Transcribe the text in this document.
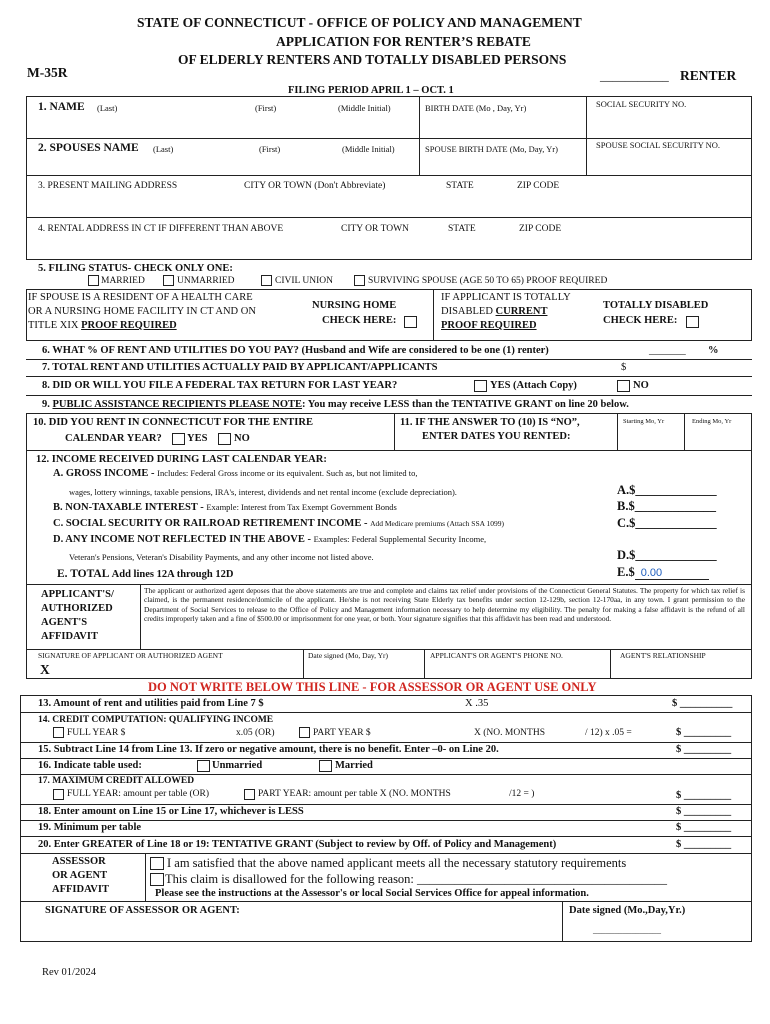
STATE OF CONNECTICUT - OFFICE OF POLICY AND MANAGEMENT
APPLICATION FOR RENTER’S REBATE
OF ELDERLY RENTERS AND TOTALLY DISABLED PERSONS
M-35R	___________ RENTER
FILING PERIOD APRIL 1 – OCT. 1
1. NAME (Last)	(First)	(Middle Initial)	BIRTH DATE (Mo , Day, Yr)	SOCIAL SECURITY NO.
2. SPOUSES NAME (Last)	(First)	(Middle Initial)	SPOUSE BIRTH DATE (Mo, Day, Yr)	SPOUSE SOCIAL SECURITY NO.
3. PRESENT MAILING ADDRESS	CITY OR TOWN (Don't Abbreviate)	STATE	ZIP CODE
4. RENTAL ADDRESS IN CT IF DIFFERENT THAN ABOVE	CITY OR TOWN	STATE	ZIP CODE
5. FILING STATUS- CHECK ONLY ONE:
MARRIED	UNMARRIED	CIVIL UNION	SURVIVING SPOUSE (AGE 50 TO 65) PROOF REQUIRED
IF SPOUSE IS A RESIDENT OF A HEALTH CARE
OR A NURSING HOME FACILITY IN CT AND ON
TITLE XIX PROOF REQUIRED
NURSING HOME
CHECK HERE:
IF APPLICANT IS TOTALLY
DISABLED CURRENT
PROOF REQUIRED
TOTALLY DISABLED
CHECK HERE:
6. WHAT % OF RENT AND UTILITIES DO YOU PAY? (Husband and Wife are considered to be one (1) renter)	_______ %
7. TOTAL RENT AND UTILITIES ACTUALLY PAID BY APPLICANT/APPLICANTS	$
8. DID OR WILL YOU FILE A FEDERAL TAX RETURN FOR LAST YEAR?	YES (Attach Copy)	NO
9. PUBLIC ASSISTANCE RECIPIENTS PLEASE NOTE: You may receive LESS than the TENTATIVE GRANT on line 20 below.
10. DID YOU RENT IN CONNECTICUT FOR THE ENTIRE
CALENDAR YEAR? YES	NO
11. IF THE ANSWER TO (10) IS “NO”,
ENTER DATES YOU RENTED:
Starting Mo, Yr	Ending Mo, Yr
12. INCOME RECEIVED DURING LAST CALENDAR YEAR:
A. GROSS INCOME - Includes: Federal Gross income or its equivalent. Such as, but not limited to,
wages, lottery winnings, taxable pensions, IRA's, interest, dividends and net rental income (exclude depreciation).	A.$_____________
B. NON-TAXABLE INTEREST - Example: Interest from Tax Exempt Government Bonds	B.$_____________
C. SOCIAL SECURITY OR RAILROAD RETIREMENT INCOME - Add Medicare premiums (Attach SSA 1099)	C.$_____________
D. ANY INCOME NOT REFLECTED IN THE ABOVE - Examples: Federal Supplemental Security Income,
Veteran's Pensions, Veteran's Disability Payments, and any other income not listed above.	D.$_____________
E. TOTAL Add lines 12A through 12D	E.$ 0.00
APPLICANT'S/
AUTHORIZED
AGENT'S
AFFIDAVIT
The applicant or authorized agent deposes that the above statements are true and complete and claims tax relief under provisions of the Connecticut General Statutes. The property for which tax relief is claimed, is the permanent residence/domicile of the applicant. He/she is not receiving State Elderly tax benefits under section 12-129b, section 12-170aa, in any town. I grant permission to the Department of Social Services to release to the Office of Policy and Management information necessary to help determine my eligibility. The penalty for making a false affidavit is the refund of all credits improperly taken and a fine of $500.00 or imprisonment for one year, or both. Your signature signifies that this affidavit has been read and understood.
SIGNATURE OF APPLICANT OR AUTHORIZED AGENT
X
Date signed (Mo, Day, Yr)	APPLICANT'S OR AGENT'S PHONE NO.	AGENT'S RELATIONSHIP
DO NOT WRITE BELOW THIS LINE - FOR ASSESSOR OR AGENT USE ONLY
13. Amount of rent and utilities paid from Line 7 $	X .35	$ __________
14. CREDIT COMPUTATION: QUALIFYING INCOME
FULL YEAR $	x.05 (OR)	PART YEAR $	X (NO. MONTHS	/ 12) x .05 =	$ _________
15. Subtract Line 14 from Line 13. If zero or negative amount, there is no benefit. Enter –0- on Line 20.	$ _________
16. Indicate table used:	Unmarried	Married
17. MAXIMUM CREDIT ALLOWED
FULL YEAR: amount per table (OR)	PART YEAR: amount per table X (NO. MONTHS	/12 = )	$ _________
18. Enter amount on Line 15 or Line 17, whichever is LESS	$ _________
19. Minimum per table	$ _________
20. Enter GREATER of Line 18 or 19: TENTATIVE GRANT (Subject to review by Off. of Policy and Management)	$ _________
ASSESSOR
OR AGENT
AFFIDAVIT
I am satisfied that the above named applicant meets all the necessary statutory requirements
This claim is disallowed for the following reason: ________________________________________
Please see the instructions at the Assessor's or local Social Services Office for appeal information.
SIGNATURE OF ASSESSOR OR AGENT:	Date signed (Mo.,Day,Yr.)
________________
Rev 01/2024
